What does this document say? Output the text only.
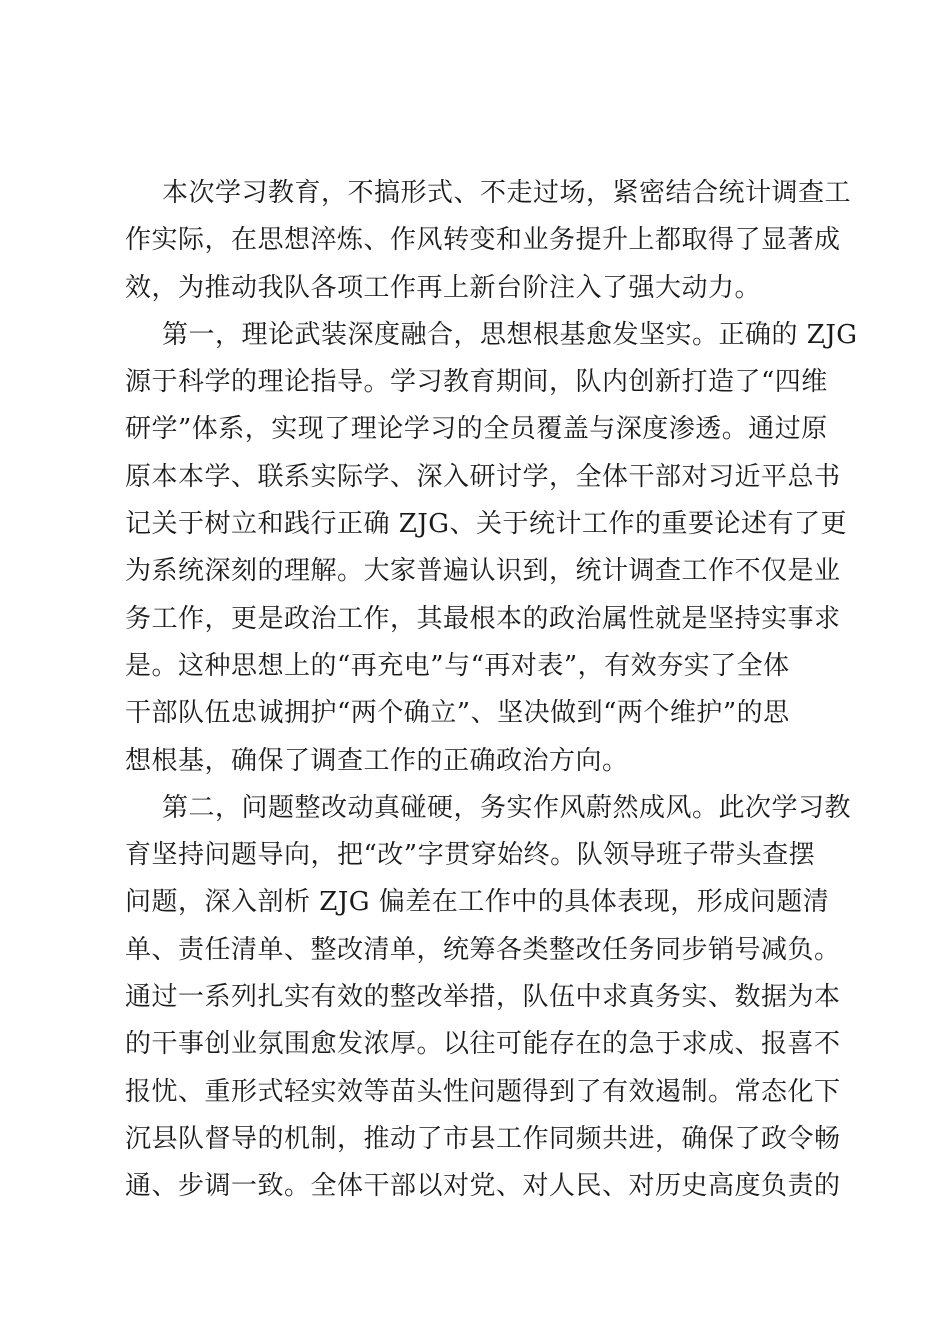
本次学习教育，不搞形式、不走过场，紧密结合统计调查工
作实际，在思想淬炼、作风转变和业务提升上都取得了显著成
效，为推动我队各项工作再上新台阶注入了强大动力。

第一，理论武装深度融合，思想根基愈发坚实。正确的 ZJG
源于科学的理论指导。学习教育期间，队内创新打造了“四维
研学”体系，实现了理论学习的全员覆盖与深度渗透。通过原
原本本学、联系实际学、深入研讨学，全体干部对习近平总书
记关于树立和践行正确 ZJG、关于统计工作的重要论述有了更
为系统深刻的理解。大家普遍认识到，统计调查工作不仅是业
务工作，更是政治工作，其最根本的政治属性就是坚持实事求
是。这种思想上的“再充电”与“再对表”，有效夯实了全体
干部队伍忠诚拥护“两个确立”、坚决做到“两个维护”的思
想根基，确保了调查工作的正确政治方向。

第二，问题整改动真碰硬，务实作风蔚然成风。此次学习教
育坚持问题导向，把“改”字贯穿始终。队领导班子带头查摆
问题，深入剖析 ZJG 偏差在工作中的具体表现，形成问题清
单、责任清单、整改清单，统筹各类整改任务同步销号减负。
通过一系列扎实有效的整改举措，队伍中求真务实、数据为本
的干事创业氛围愈发浓厚。以往可能存在的急于求成、报喜不
报忧、重形式轻实效等苗头性问题得到了有效遏制。常态化下
沉县队督导的机制，推动了市县工作同频共进，确保了政令畅
通、步调一致。全体干部以对党、对人民、对历史高度负责的
